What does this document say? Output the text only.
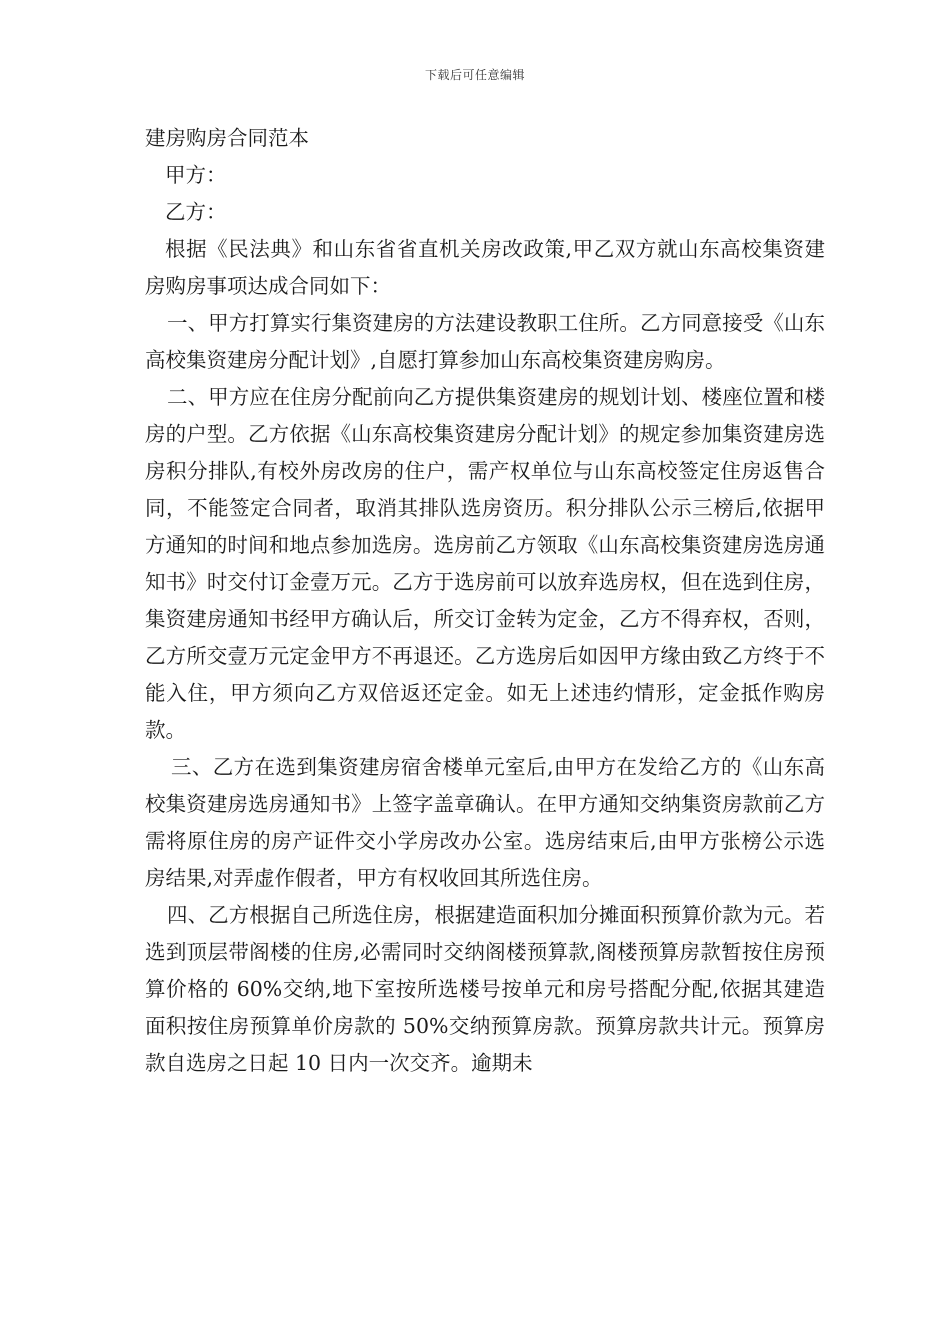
下载后可任意编辑
建房购房合同范本

甲方：

乙方：

根据《民法典》和山东省省直机关房改政策,甲乙双方就山东高校集资建房购房事项达成合同如下：

一、甲方打算实行集资建房的方法建设教职工住所。乙方同意接受《山东高校集资建房分配计划》,自愿打算参加山东高校集资建房购房。

二、甲方应在住房分配前向乙方提供集资建房的规划计划、楼座位置和楼房的户型。乙方依据《山东高校集资建房分配计划》的规定参加集资建房选房积分排队,有校外房改房的住户，需产权单位与山东高校签定住房返售合同，不能签定合同者，取消其排队选房资历。积分排队公示三榜后,依据甲方通知的时间和地点参加选房。选房前乙方领取《山东高校集资建房选房通知书》时交付订金壹万元。乙方于选房前可以放弃选房权，但在选到住房，集资建房通知书经甲方确认后，所交订金转为定金，乙方不得弃权，否则，乙方所交壹万元定金甲方不再退还。乙方选房后如因甲方缘由致乙方终于不能入住，甲方须向乙方双倍返还定金。如无上述违约情形，定金抵作购房款。

三、乙方在选到集资建房宿舍楼单元室后,由甲方在发给乙方的《山东高校集资建房选房通知书》上签字盖章确认。在甲方通知交纳集资房款前乙方需将原住房的房产证件交小学房改办公室。选房结束后,由甲方张榜公示选房结果,对弄虚作假者，甲方有权收回其所选住房。

四、乙方根据自己所选住房，根据建造面积加分摊面积预算价款为元。若选到顶层带阁楼的住房,必需同时交纳阁楼预算款,阁楼预算房款暂按住房预算价格的 60%交纳,地下室按所选楼号按单元和房号搭配分配,依据其建造面积按住房预算单价房款的 50%交纳预算房款。预算房款共计元。预算房款自选房之日起 10 日内一次交齐。逾期未
